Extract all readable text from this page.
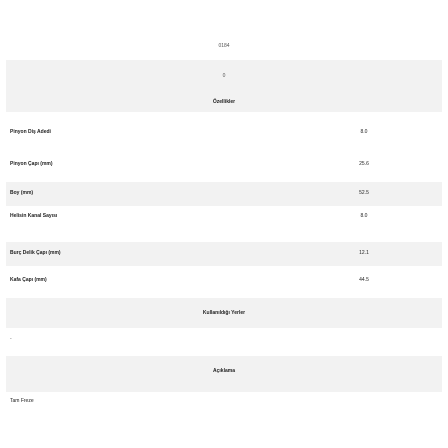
0184
0
Özellikler
Pinyon Diş Adedi	8.0
Pinyon Çapı (mm)	25.6
Boy (mm)	52.5
Helisin Kanal Sayısı	8.0
Burç Delik Çapı (mm)	12.1
Kafa Çapı (mm)	44.5
Kullanıldığı Yerler
-
Açıklama
Tam Freze
